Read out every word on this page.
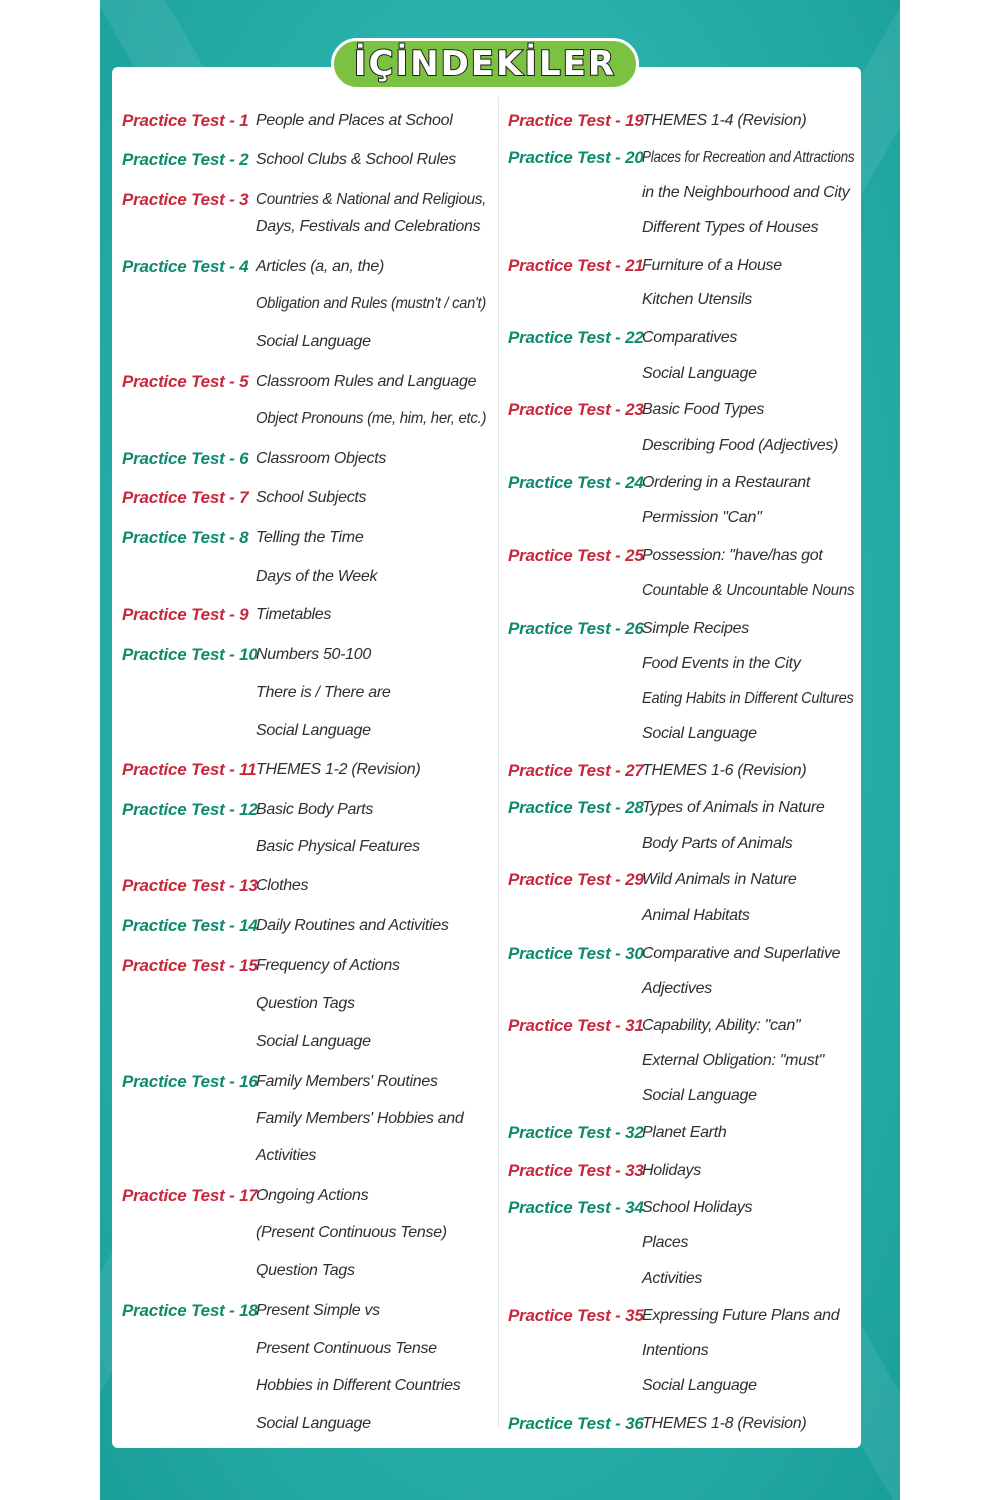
Practice Test - 1 People and Places at School
Practice Test - 2 School Clubs & School Rules
Practice Test - 3 Countries & National and Religious,
Days, Festivals and Celebrations
Practice Test - 4 Articles (a, an, the)
Obligation and Rules (mustn't / can't)
Social Language
Practice Test - 5 Classroom Rules and Language
Object Pronouns (me, him, her, etc.)
Practice Test - 6 Classroom Objects
Practice Test - 7 School Subjects
Practice Test - 8 Telling the Time
Days of the Week
Practice Test - 9 Timetables
Practice Test - 10
Numbers 50-100
There is / There are
Social Language
Practice Test - 11 THEMES 1-2 (Revision)
Practice Test - 12
Basic Body Parts
Basic Physical Features
Practice Test - 13
Clothes
Practice Test - 14
Daily Routines and Activities
Practice Test - 15
Frequency of Actions
Question Tags
Social Language
Practice Test - 16
Family Members' Routines
Family Members' Hobbies and
Activities
Practice Test - 17
Ongoing Actions
(Present Continuous Tense)
Question Tags
Practice Test - 18
Present Simple vs
Present Continuous Tense
Hobbies in Different Countries
Social Language
Practice Test - 19
THEMES 1-4 (Revision)
Practice Test - 20
Places for Recreation and Attractions
in the Neighbourhood and City
Different Types of Houses
Practice Test - 21
Furniture of a House
Kitchen Utensils
Practice Test - 22
Comparatives
Social Language
Practice Test - 23
Basic Food Types
Describing Food (Adjectives)
Practice Test - 24
Ordering in a Restaurant
Permission "Can"
Practice Test - 25
Possession: "have/has got
Countable & Uncountable Nouns
Practice Test - 26
Simple Recipes
Food Events in the City
Eating Habits in Different Cultures
Social Language
Practice Test - 27
THEMES 1-6 (Revision)
Practice Test - 28
Types of Animals in Nature
Body Parts of Animals
Practice Test - 29
Wild Animals in Nature
Animal Habitats
Practice Test - 30
Comparative and Superlative
Adjectives
Practice Test - 31
Capability, Ability: "can"
External Obligation: "must"
Social Language
Practice Test - 32
Planet Earth
Practice Test - 33
Holidays
Practice Test - 34
School Holidays
Places
Activities
Practice Test - 35
Expressing Future Plans and
Intentions
Social Language
Practice Test - 36
THEMES 1-8 (Revision)
İÇİNDEKİLER
